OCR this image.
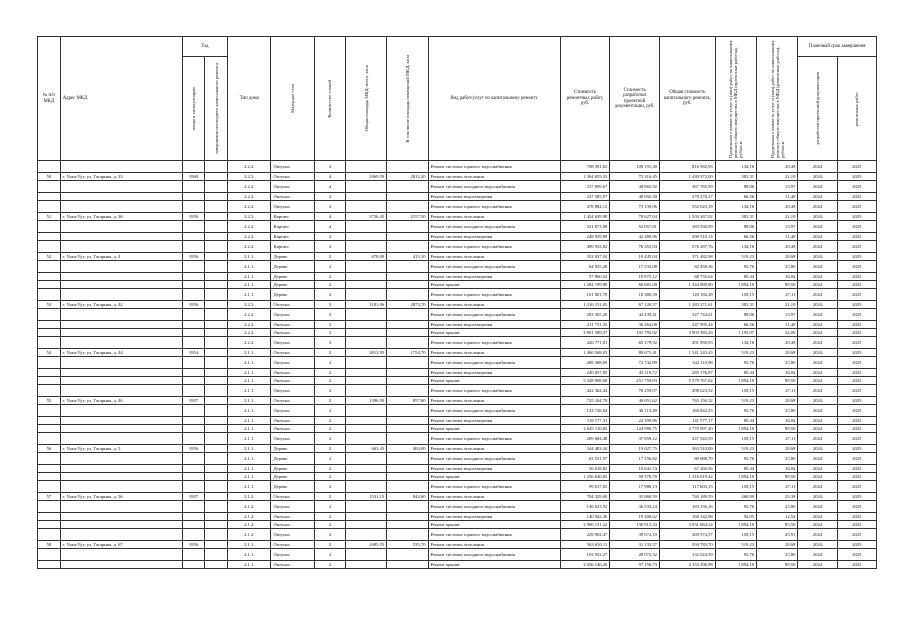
№ п/п МКД	Адрес МКД	Год		Тип дома	Материал стен	Количество этажей	Общая площадь МКД, всего, кв.м	В том числе площадь помещений МКД, кв.м	Вид работ/услуг по капитальному ремонту	Стоимость ремонтных работ, руб.	Стоимость разработки проектной документации, руб.	Общая стоимость капитального ремонта, руб.	Предельная стоимость услуг и (или) работ по капитальному ремонту общего имущества в МКД (проектные работы), руб/кв.м	Предельная стоимость услуг и (или) работ по капитальному ремонту общего имущества в МКД (ремонтные работы), руб/кв.м	Плановый срок завершения	

		ввода в эксплуатацию	завершения последнего капитального ремонта												разработки проектной документации	ремонтных работ

				2.2.2.	Октунас.	4			Ремонт системы горячего водоснабжения	708 391,63	108 191,30	816 582,93	134,16	20,49	2024	2025
50	г. Улан-Удэ, ул. Гагарина, д. 33	1960		2.2.2.	Октунас.	4	3369,59	2812,20	Ремонт системы отопления	1 364 655,53	75 316,45	1 439 972,00	382,31	21,10	2024	2025
				2.2.2.	Октунас.	4			Ремонт системы холодного водоснабжения	317 899,67	49 865,92	367 765,59	89,06	13,97	2024	2025
				2.2.2.	Октунас.	4			Ремонт системы водоотведения	237 585,97	40 692,30	278 278,27	66,56	11,40	2024	2025
				2.2.2.	Октунас.	4			Ремонт системы горячего водоснабжения	478 884,12	73 139,06	552 023,18	134,16	20,49	2024	2025
51	г. Улан-Удэ, ул. Гагарина, д. 36	1959		2.2.2.	Кирпич	4	3726,45	2157,50	Ремонт системы отопления	1 424 639,98	78 627,04	1 503 267,02	382,31	21,10	2024	2025
				2.2.2.	Кирпич	4			Ремонт системы холодного водоснабжения	331 873,88	52 057,81	383 930,99	89,06	13,97	2024	2025
				2.2.2.	Кирпич	4			Ремонт системы водоотведения	248 029,89	42 480,96	290 510,14	66,56	11,40	2024	2025
				2.2.2.	Кирпич	4			Ремонт системы горячего водоснабжения	499 933,82	76 353,94	576 287,76	134,16	20,49	2024	2025
52	г. Улан-Удэ, ул. Гагарина, д. 4	1956		2.1.1.	Дерево	2	678,00	415,10	Ремонт системы отопления	352 037,94	19 445,04	371 482,98	519,23	28,68	2024	2025
				2.1.1.	Дерево	2			Ремонт системы холодного водоснабжения	64 925,28	17 533,08	82 458,36	95,76	25,86	2024	2025
				2.1.1.	Дерево	2			Ремонт системы водоотведения	57 860,52	10 875,12	68 735,64	85,34	16,04	2024	2025
				2.1.1.	Дерево	2			Ремонт крыши	1 284 199,80	60 681,00	1 344 880,80	1 894,10	89,50	2024	2025
				2.1.1.	Дерево	2			Ремонт системы горячего водоснабжения	101 801,70	18 380,58	120 182,28	150,15	27,11	2024	2025
53	г. Улан-Удэ, ул. Гагарина, д. 42	1956		2.2.2.	Октунас.	3	3181,06	2873,70	Ремонт системы отопления	1 216 151,05	67 120,57	1 283 271,61	382,31	21,10	2024	2025
				2.2.2.	Октунас.	3			Ремонт системы холодного водоснабжения	283 305,20	44 439,41	327 744,61	89,06	13,97	2024	2025
				2.2.2.	Октунас.	3			Ремонт системы водоотведения	211 731,35	36 264,08	247 995,44	66,56	11,40	2024	2025
				2.2.2.	Октунас.	3			Ремонт крыши	3 801 589,37	101 793,92	3 903 383,29	1 195,07	32,00	2024	2025
				2.2.2.	Октунас.	3			Ремонт системы горячего водоснабжения	426 771,01	65 179,92	491 950,93	134,16	20,49	2024	2025
54	г. Улан-Удэ, ул. Гагарина, д. 44	1954		2.1.1.	Октунас.	2	2812,95	1754,70	Ремонт системы отопления	1 460 568,03	80 675,41	1 541 243,43	519,23	28,68	2024	2025
				2.1.1.	Октунас.	2			Ремонт системы холодного водоснабжения	269 368,69	72 742,89	342 110,98	95,76	25,86	2024	2025
				2.1.1.	Октунас.	2			Ремонт системы водоотведения	240 057,85	45 119,72	285 176,87	85,34	16,04	2024	2025
				2.1.1.	Октунас.	2			Ремонт крыши	5 328 008,60	251 759,03	5 579 767,62	1 894,10	89,50	2024	2025
				2.1.1.	Октунас.	2			Ремонт системы горячего водоснабжения	422 364,44	76 259,07	498 623,52	150,15	27,11	2024	2025
55	г. Улан-Удэ, ул. Гагарина, д. 46	1957		2.1.1.	Октунас.	2	1396,50	857,60	Ремонт системы отопления	725 104,70	40 051,62	765 156,32	519,23	28,68	2024	2025
				2.1.1.	Октунас.	2			Ремонт системы холодного водоснабжения	133 728,84	36 113,49	169 842,33	95,76	25,86	2024	2025
				2.1.1.	Октунас.	2			Ремонт системы водоотведения	119 177,31	22 399,86	141 577,17	85,34	16,04	2024	2025
				2.1.1.	Октунас.	2			Ремонт крыши	2 645 110,65	124 986,75	2 770 097,40	1 894,10	89,50	2024	2025
				2.1.1.	Октунас.	2			Ремонт системы горячего водоснабжения	209 684,48	37 859,12	247 543,59	150,15	27,11	2024	2025
56	г. Улан-Удэ, ул. Гагарина, д. 5	1956		2.1.1.	Дерево	2	663,45	404,00	Ремонт системы отопления	344 483,34	19 027,75	363 510,09	519,23	28,68	2024	2025
				2.1.1.	Дерево	2			Ремонт системы холодного водоснабжения	63 531,97	17 156,82	80 688,79	95,76	25,86	2024	2025
				2.1.1.	Дерево	2			Ремонт системы водоотведения	56 618,82	10 641,74	67 260,56	85,34	16,04	2024	2025
				2.1.1.	Дерево	2			Ремонт крыши	1 256 640,65	59 378,78	1 316 019,42	1 894,10	89,50	2024	2025
				2.1.1.	Дерево	2			Ремонт системы горячего водоснабжения	99 617,02	17 986,13	117 603,15	150,15	27,11	2024	2025
57	г. Улан-Удэ, ул. Гагарина, д. 56	1957		2.1.2.	Октунас.	2	1531,15	844,60	Ремонт системы отопления	704 329,00	35 860,59	740 189,59	460,00	23,38	2024	2025
				2.1.2.	Октунас.	2			Ремонт системы холодного водоснабжения	146 623,92	36 533,24	183 156,16	95,76	23,86	2024	2025
				2.1.2.	Октунас.	2			Ремонт системы водоотведения	140 942,36	19 200,62	160 142,98	92,05	12,54	2024	2025
				2.1.2.	Октунас.	2			Ремонт крыши	2 900 151,22	130 913,33	3 031 064,54	1 894,10	85,50	2024	2025
				2.1.2.	Октунас.	2			Ремонт системы горячего водоснабжения	229 902,47	39 672,10	269 574,57	150,15	25,91	2024	2025
58	г. Улан-Удэ, ул. Гагарина, д. 67	1956		2.1.1.	Октунас.	2	1085,55	535,70	Ремонт системы отопления	563 650,11	31 133,57	594 783,70	519,23	28,68	2024	2025
				2.1.1.	Октунас.	2			Ремонт системы холодного водоснабжения	103 952,27	28 072,32	132 024,59	95,76	25,86	2024	2025
				2.1.1.	Октунас.	2			Ремонт крыши	2 056 140,26	97 156,73	2 153 296,98	1 894,10	89,50	2024	2025
